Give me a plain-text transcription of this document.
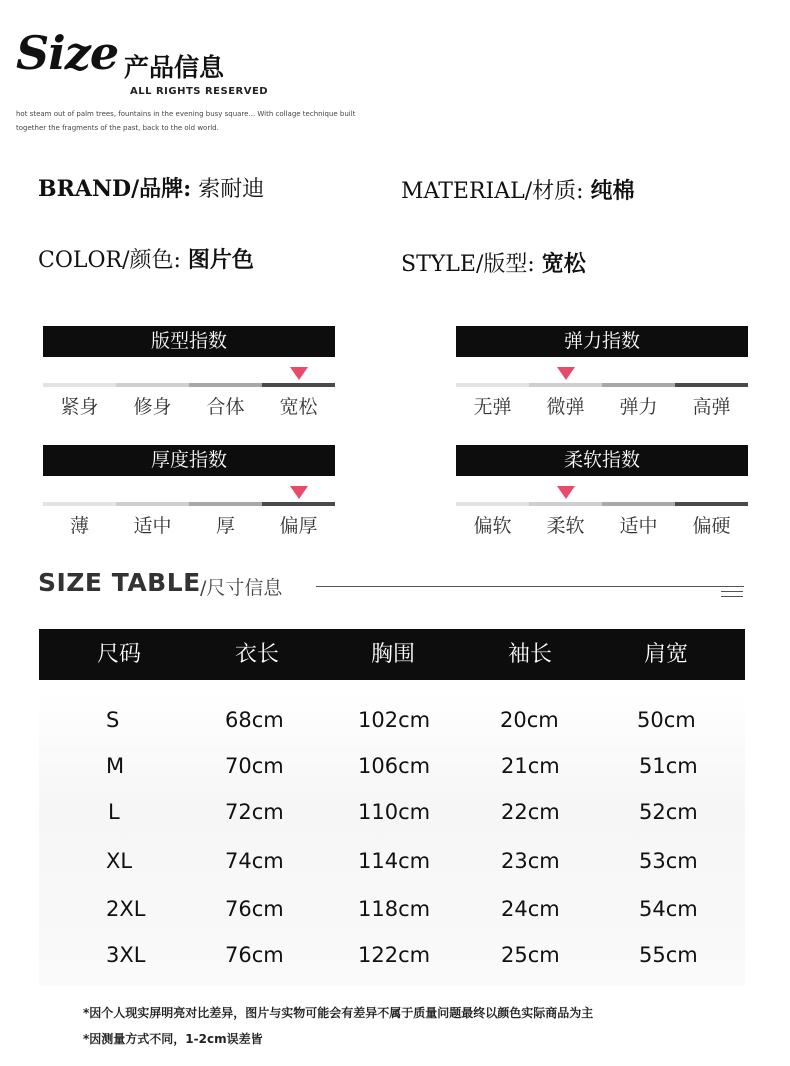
Size 产品信息
ALL RIGHTS RESERVED
hot steam out of palm trees, fountains in the evening busy square... With collage technique built
together the fragments of the past, back to the old world.
BRAND/品牌: 索耐迪	MATERIAL/材质: 纯棉
COLOR/颜色: 图片色	STYLE/版型: 宽松
版型指数
紧身	修身	合体	宽松
弹力指数
无弹	微弹	弹力	高弹
厚度指数
薄	适中	厚	偏厚
柔软指数
偏软	柔软	适中	偏硬
SIZE TABLE /尺寸信息
尺码	衣长	胸围	袖长	肩宽
S	68cm	102cm	20cm	50cm
M	70cm	106cm	21cm	51cm
L	72cm	110cm	22cm	52cm
XL	74cm	114cm	23cm	53cm
2XL	76cm	118cm	24cm	54cm
3XL	76cm	122cm	25cm	55cm
*因个人现实屏明亮对比差异，图片与实物可能会有差异不属于质量问题最终以颜色实际商品为主
*因测量方式不同，1-2cm误差皆
